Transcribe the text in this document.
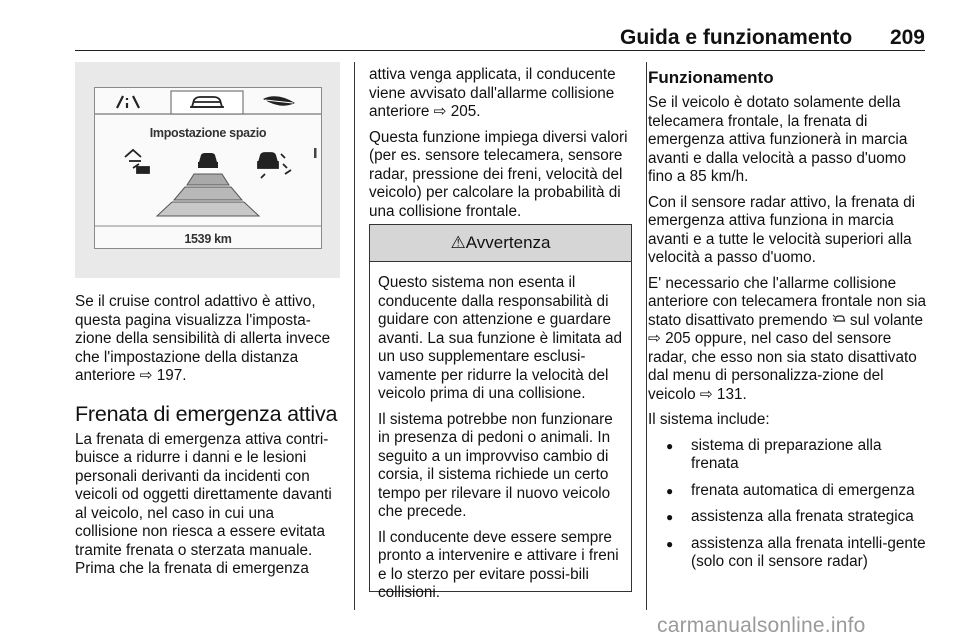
Guida e funzionamento	209
Impostazione spazio
1539 km

Se il cruise control adattivo è attivo, questa pagina visualizza l'imposta-zione della sensibilità di allerta invece che l'impostazione della distanza anteriore ⇨ 197.

Frenata di emergenza attiva

La frenata di emergenza attiva contri-buisce a ridurre i danni e le lesioni personali derivanti da incidenti con veicoli od oggetti direttamente davanti al veicolo, nel caso in cui una collisione non riesca a essere evitata tramite frenata o sterzata manuale. Prima che la frenata di emergenza

attiva venga applicata, il conducente viene avvisato dall'allarme collisione anteriore ⇨ 205.

Questa funzione impiega diversi valori (per es. sensore telecamera, sensore radar, pressione dei freni, velocità del veicolo) per calcolare la probabilità di una collisione frontale.

⚠Avvertenza

Questo sistema non esenta il conducente dalla responsabilità di guidare con attenzione e guardare avanti. La sua funzione è limitata ad un uso supplementare esclusi-vamente per ridurre la velocità del veicolo prima di una collisione.

Il sistema potrebbe non funzionare in presenza di pedoni o animali. In seguito a un improvviso cambio di corsia, il sistema richiede un certo tempo per rilevare il nuovo veicolo che precede.

Il conducente deve essere sempre pronto a intervenire e attivare i freni e lo sterzo per evitare possi-bili collisioni.

Funzionamento

Se il veicolo è dotato solamente della telecamera frontale, la frenata di emergenza attiva funzionerà in marcia avanti e dalla velocità a passo d'uomo fino a 85 km/h.

Con il sensore radar attivo, la frenata di emergenza attiva funziona in marcia avanti e a tutte le velocità superiori alla velocità a passo d'uomo.

E' necessario che l'allarme collisione anteriore con telecamera frontale non sia stato disattivato premendo sul volante ⇨ 205 oppure, nel caso del sensore radar, che esso non sia stato disattivato dal menu di personalizza-zione del veicolo ⇨ 131.

Il sistema include:

● sistema di preparazione alla frenata
● frenata automatica di emergenza
● assistenza alla frenata strategica
● assistenza alla frenata intelli-gente (solo con il sensore radar)
carmanualsonline.info
